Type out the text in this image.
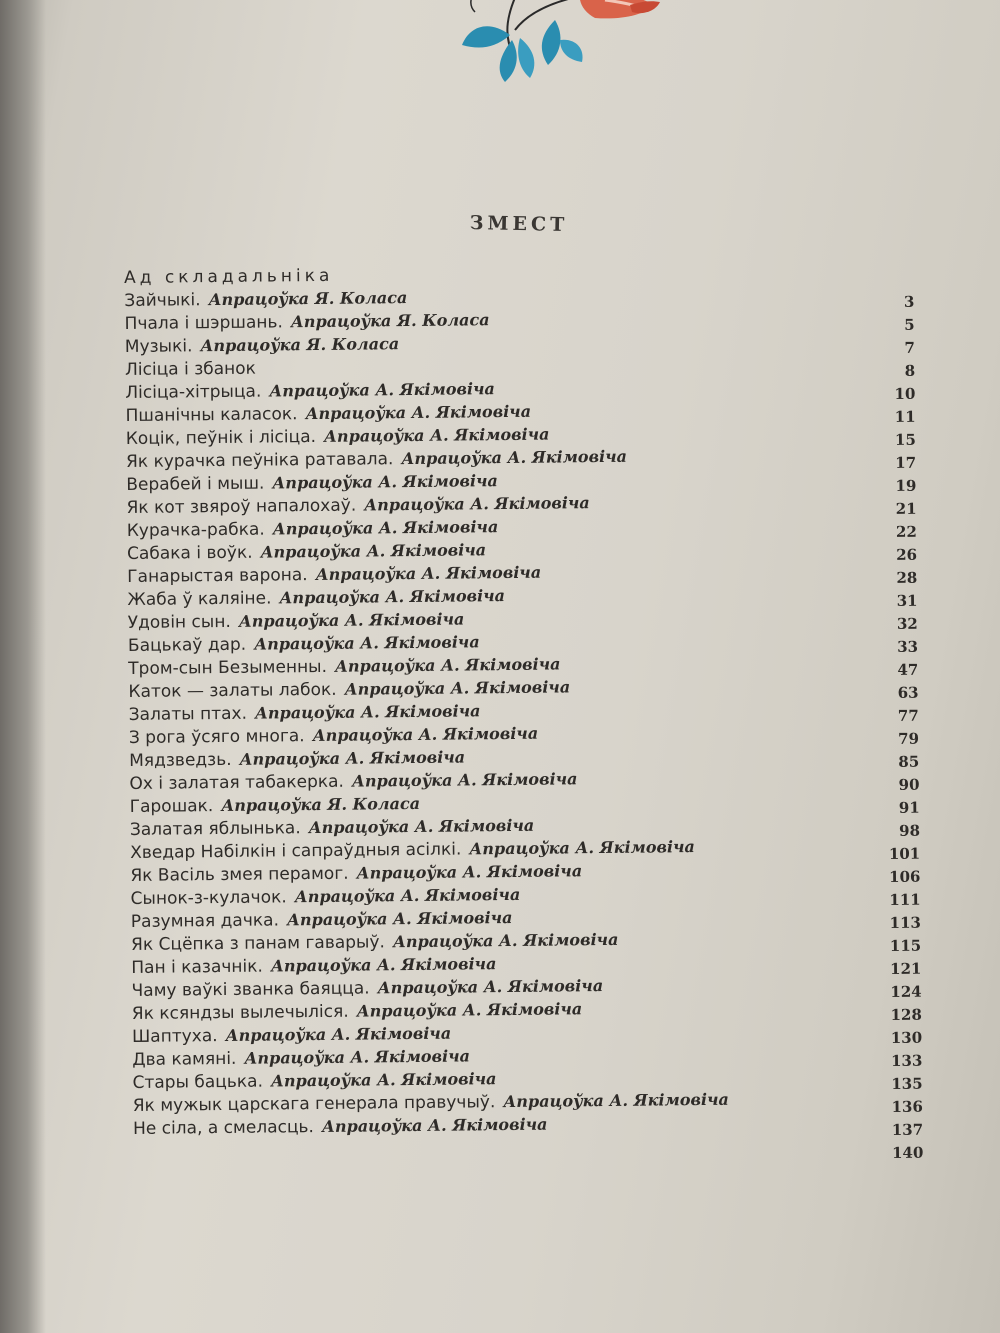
ЗМЕСТ
Ад складальніка
Зайчыкі. Апрацоўка Я. Коласа	3
Пчала і шэршань. Апрацоўка Я. Коласа	5
Музыкі. Апрацоўка Я. Коласа	7
Лісіца і збанок	8
Лісіца-хітрыца. Апрацоўка А. Якімовіча	10
Пшанічны каласок. Апрацоўка А. Якімовіча	11
Коцік, пеўнік і лісіца. Апрацоўка А. Якімовіча	15
Як курачка пеўніка ратавала. Апрацоўка А. Якімовіча	17
Верабей і мыш. Апрацоўка А. Якімовіча	19
Як кот звяроў напалохаў. Апрацоўка А. Якімовіча	21
Курачка-рабка. Апрацоўка А. Якімовіча	22
Сабака і воўк. Апрацоўка А. Якімовіча	26
Ганарыстая варона. Апрацоўка А. Якімовіча	28
Жаба ў каляіне. Апрацоўка А. Якімовіча	31
Удовін сын. Апрацоўка А. Якімовіча	32
Бацькаў дар. Апрацоўка А. Якімовіча	33
Тром-сын Безыменны. Апрацоўка А. Якімовіча	47
Каток — залаты лабок. Апрацоўка А. Якімовіча	63
Залаты птах. Апрацоўка А. Якімовіча	77
З рога ўсяго многа. Апрацоўка А. Якімовіча	79
Мядзведзь. Апрацоўка А. Якімовіча	85
Ох і залатая табакерка. Апрацоўка А. Якімовіча	90
Гарошак. Апрацоўка Я. Коласа	91
Залатая яблынька. Апрацоўка А. Якімовіча	98
Хведар Набілкін і сапраўдныя асілкі. Апрацоўка А. Якімовіча	101
Як Васіль змея перамог. Апрацоўка А. Якімовіча	106
Сынок-з-кулачок. Апрацоўка А. Якімовіча	111
Разумная дачка. Апрацоўка А. Якімовіча	113
Як Сцёпка з панам гаварыў. Апрацоўка А. Якімовіча	115
Пан і казачнік. Апрацоўка А. Якімовіча	121
Чаму ваўкі званка баяцца. Апрацоўка А. Якімовіча	124
Як ксяндзы вылечыліся. Апрацоўка А. Якімовіча	128
Шаптуха. Апрацоўка А. Якімовіча	130
Два камяні. Апрацоўка А. Якімовіча	133
Стары бацька. Апрацоўка А. Якімовіча	135
Як мужык царскага генерала правучыў. Апрацоўка А. Якімовіча	136
Не сіла, а смеласць. Апрацоўка А. Якімовіча	137
140
